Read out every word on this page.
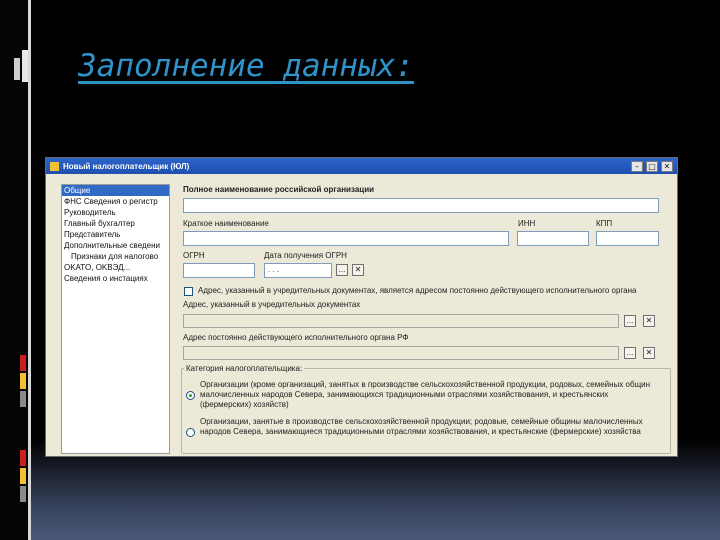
Заполнение данных:
Новый налогоплательщик (ЮЛ)	–	□ ✕
Общие
ФНС Сведения о регистр
Руководитель
Главный бухгалтер
Представитель
Дополнительные сведени
Признаки для налогово
OKATO, OKBЭД...
Сведения о инстациях
Полное наименование российской организации
Краткое наименование	ИНН	КПП
ОГРН	Дата получения ОГРН
. . .	...	✕
Адрес, указанный в учредительных документах, является адресом постоянно действующего исполнительного органа
Адрес, указанный в учредительных документах
...	✕
Адрес постоянно действующего исполнительного органа РФ
...	✕
Категория налогоплательщика:
Организации (кроме организаций, занятых в производстве сельскохозяйственной продукции, родовых, семейных общин малочисленных народов Севера, занимающихся традиционными отраслями хозяйствования, и крестьянских (фермерских) хозяйств)
Организации, занятые в производстве сельскохозяйственной продукции; родовые, семейные общины малочисленных народов Севера, занимающиеся традиционными отраслями хозяйствования, и крестьянские (фермерские) хозяйства
